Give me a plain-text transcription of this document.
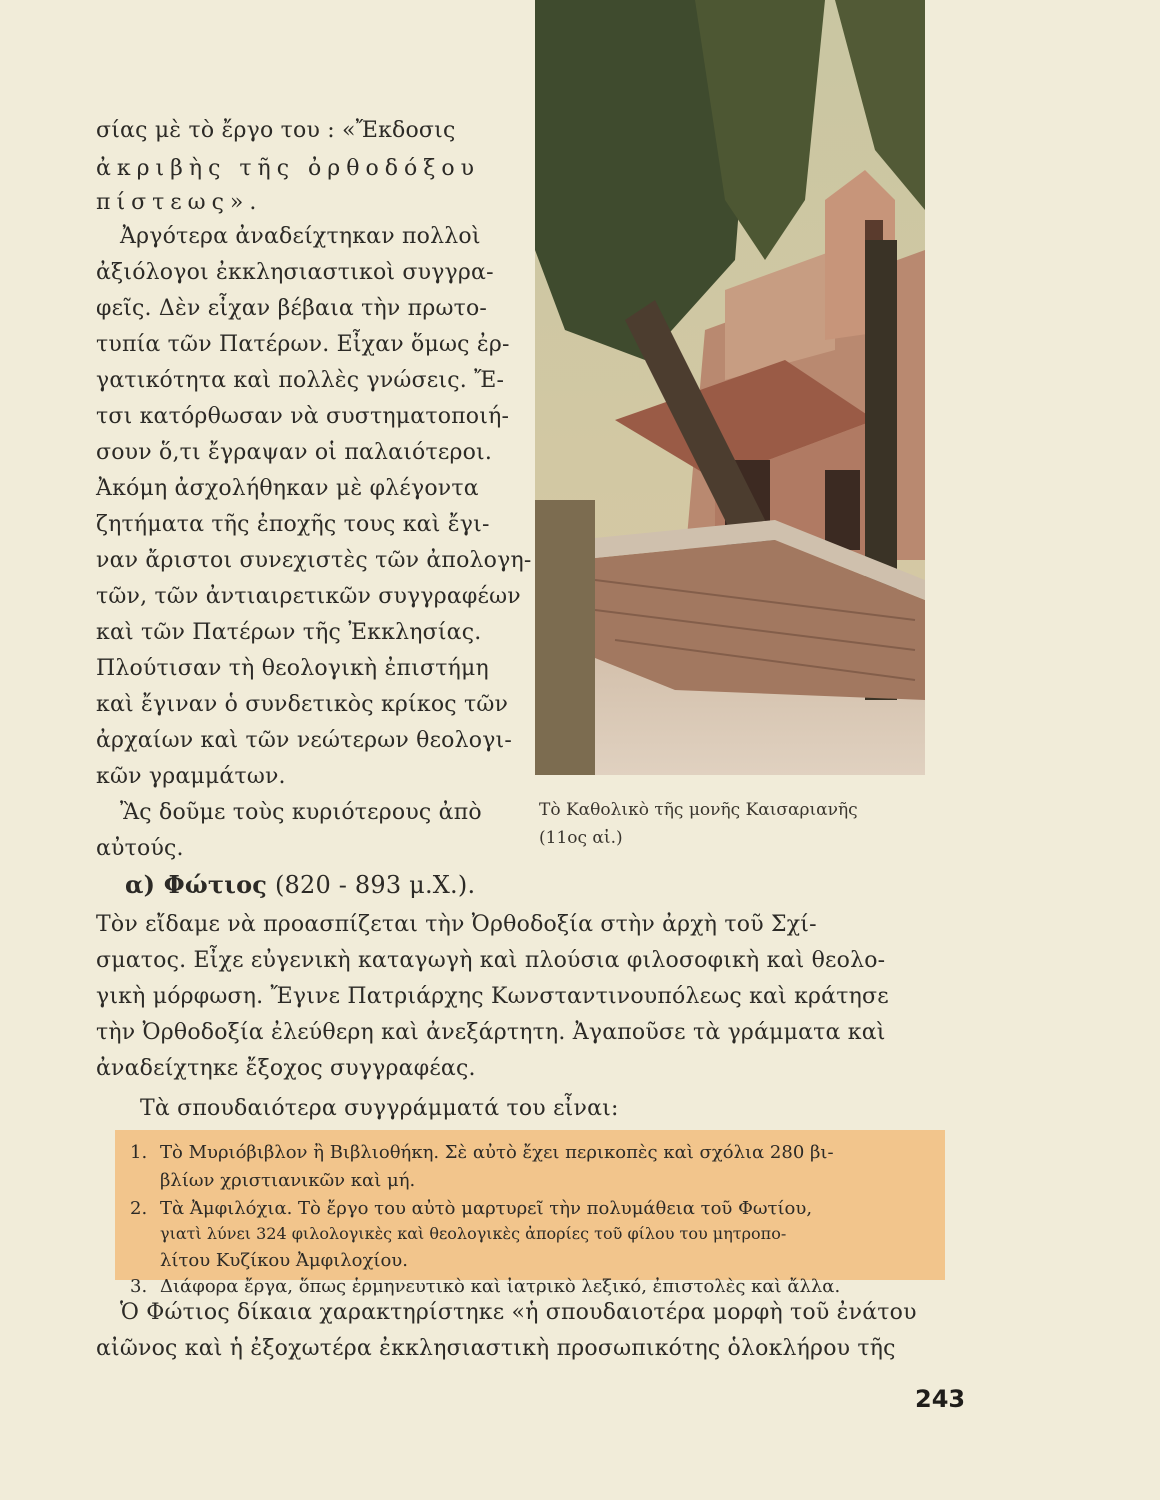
σίας μὲ τὸ ἔργο του : «Ἔκδοσις
ἀκριβὴς τῆς ὀρθοδόξου
πίστεως».
Ἀργότερα ἀναδείχτηκαν πολλοὶ
ἀξιόλογοι ἐκκλησιαστικοὶ συγγρα-
φεῖς. Δὲν εἶχαν βέβαια τὴν πρωτο-
τυπία τῶν Πατέρων. Εἶχαν ὅμως ἐρ-
γατικότητα καὶ πολλὲς γνώσεις. Ἔ-
τσι κατόρθωσαν νὰ συστηματοποιή-
σουν ὅ,τι ἔγραψαν οἱ παλαιότεροι.
Ἀκόμη ἀσχολήθηκαν μὲ φλέγοντα
ζητήματα τῆς ἐποχῆς τους καὶ ἔγι-
ναν ἄριστοι συνεχιστὲς τῶν ἀπολογη-
τῶν, τῶν ἀντιαιρετικῶν συγγραφέων
καὶ τῶν Πατέρων τῆς Ἐκκλησίας.
Πλούτισαν τὴ θεολογικὴ ἐπιστήμη
καὶ ἔγιναν ὁ συνδετικὸς κρίκος τῶν
ἀρχαίων καὶ τῶν νεώτερων θεολογι-
κῶν γραμμάτων.
Ἂς δοῦμε τοὺς κυριότερους ἀπὸ
αὐτούς.
Τὸ Καθολικὸ τῆς μονῆς Καισαριανῆς
(11ος αἰ.)
α) Φώτιος (820 - 893 μ.Χ.).
Τὸν εἴδαμε νὰ προασπίζεται τὴν Ὀρθοδοξία στὴν ἀρχὴ τοῦ Σχί-
σματος. Εἶχε εὐγενικὴ καταγωγὴ καὶ πλούσια φιλοσοφικὴ καὶ θεολο-
γικὴ μόρφωση. Ἔγινε Πατριάρχης Κωνσταντινουπόλεως καὶ κράτησε
τὴν Ὀρθοδοξία ἐλεύθερη καὶ ἀνεξάρτητη. Ἀγαποῦσε τὰ γράμματα καὶ
ἀναδείχτηκε ἔξοχος συγγραφέας.
Τὰ σπουδαιότερα συγγράμματά του εἶναι:
1. Τὸ Μυριόβιβλον ἢ Βιβλιοθήκη. Σὲ αὐτὸ ἔχει περικοπὲς καὶ σχόλια 280 βι-
βλίων χριστιανικῶν καὶ μή.
2. Τὰ Ἀμφιλόχια. Τὸ ἔργο του αὐτὸ μαρτυρεῖ τὴν πολυμάθεια τοῦ Φωτίου,
γιατὶ λύνει 324 φιλολογικὲς καὶ θεολογικὲς ἀπορίες τοῦ φίλου του μητροπο-
λίτου Κυζίκου Ἀμφιλοχίου.
3. Διάφορα ἔργα, ὅπως ἑρμηνευτικὸ καὶ ἰατρικὸ λεξικό, ἐπιστολὲς καὶ ἄλλα.
Ὁ Φώτιος δίκαια χαρακτηρίστηκε «ἡ σπουδαιοτέρα μορφὴ τοῦ ἐνάτου
αἰῶνος καὶ ἡ ἐξοχωτέρα ἐκκλησιαστικὴ προσωπικότης ὁλοκλήρου τῆς
243
